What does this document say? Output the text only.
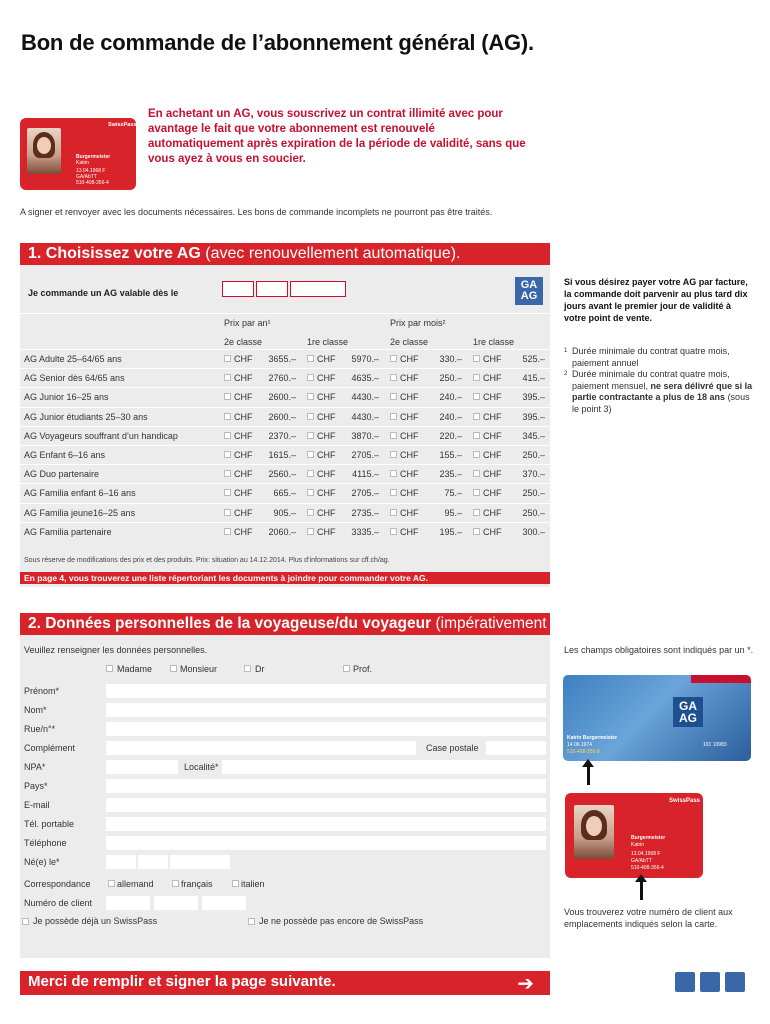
Bon de commande de l’abonnement général (AG).
SwissPass
Burgermeister
Katrin
13.04.1968 F
GA/AbTT
510-408-356-4
En achetant un AG, vous souscrivez un contrat illimité avec pour avantage le fait que votre abonnement est renouvelé automatiquement après expiration de la période de validité, sans que vous ayez à vous en soucier.
A signer et renvoyer avec les documents nécessaires. Les bons de commande incomplets ne pourront pas être traités.
1. Choisissez votre AG (avec renouvellement automatique).
Je commande un AG valable dès le
GA
AG
Prix par an¹	Prix par mois²
2e classe	1re classe	2e classe	1re classe
AG Adulte 25–64/65 ans	CHF	3655.– CHF	5970.– CHF	330.– CHF	525.–
AG Senior dès 64/65 ans	CHF	2760.– CHF	4635.– CHF	250.– CHF	415.–
AG Junior 16–25 ans	CHF	2600.– CHF	4430.– CHF	240.– CHF	395.–
AG Junior étudiants 25–30 ans	CHF	2600.– CHF	4430.– CHF	240.– CHF	395.–
AG Voyageurs souffrant d’un handicap	CHF	2370.– CHF	3870.– CHF	220.– CHF	345.–
AG Enfant 6–16 ans	CHF	1615.– CHF	2705.– CHF	155.– CHF	250.–
AG Duo partenaire	CHF	2560.– CHF	4115.– CHF	235.– CHF	370.–
AG Familia enfant 6–16 ans	CHF	665.– CHF	2705.– CHF	75.– CHF	250.–
AG Familia jeune16–25 ans	CHF	905.– CHF	2735.– CHF	95.– CHF	250.–
AG Familia partenaire	CHF	2060.– CHF	3335.– CHF	195.– CHF	300.–
Sous réserve de modifications des prix et des produits. Prix: situation au 14.12.2014. Plus d’informations sur cff.ch/ag.
En page 4, vous trouverez une liste répertoriant les documents à joindre pour commander votre AG.
Si vous désirez payer votre AG par facture, la commande doit parvenir au plus tard dix jours avant le premier jour de validité à votre point de vente.
1 Durée minimale du contrat quatre mois, paiement annuel
2 Durée minimale du contrat quatre mois, paiement mensuel, ne sera délivré que si la partie contractante a plus de 18 ans (sous le point 3)
2. Données personnelles de la voyageuse/du voyageur (impérativement nécessaires).
Veuillez renseigner les données personnelles.
Madame	Monsieur	Dr	Prof.
Prénom*
Nom*
Rue/n°*
Complément
NPA*
Pays*
E-mail
Tél. portable
Téléphone
Né(e) le*
Correspondance
Numéro de client
Case postale
Localité*
allemand	français	italien
Je possède déjà un SwissPass	Je ne possède pas encore de SwissPass
Les champs obligatoires sont indiqués par un *.
GA
AG
Katrin Burgermeister
14.06.1974
510-408-356-8
101 10983
SwissPass
Burgermeister
Katrin
13.04.1968 F
GA/AbTT
510-408-356-4
Vous trouverez votre numéro de client aux emplacements indiqués selon la carte.
Merci de remplir et signer la page suivante.	➔
